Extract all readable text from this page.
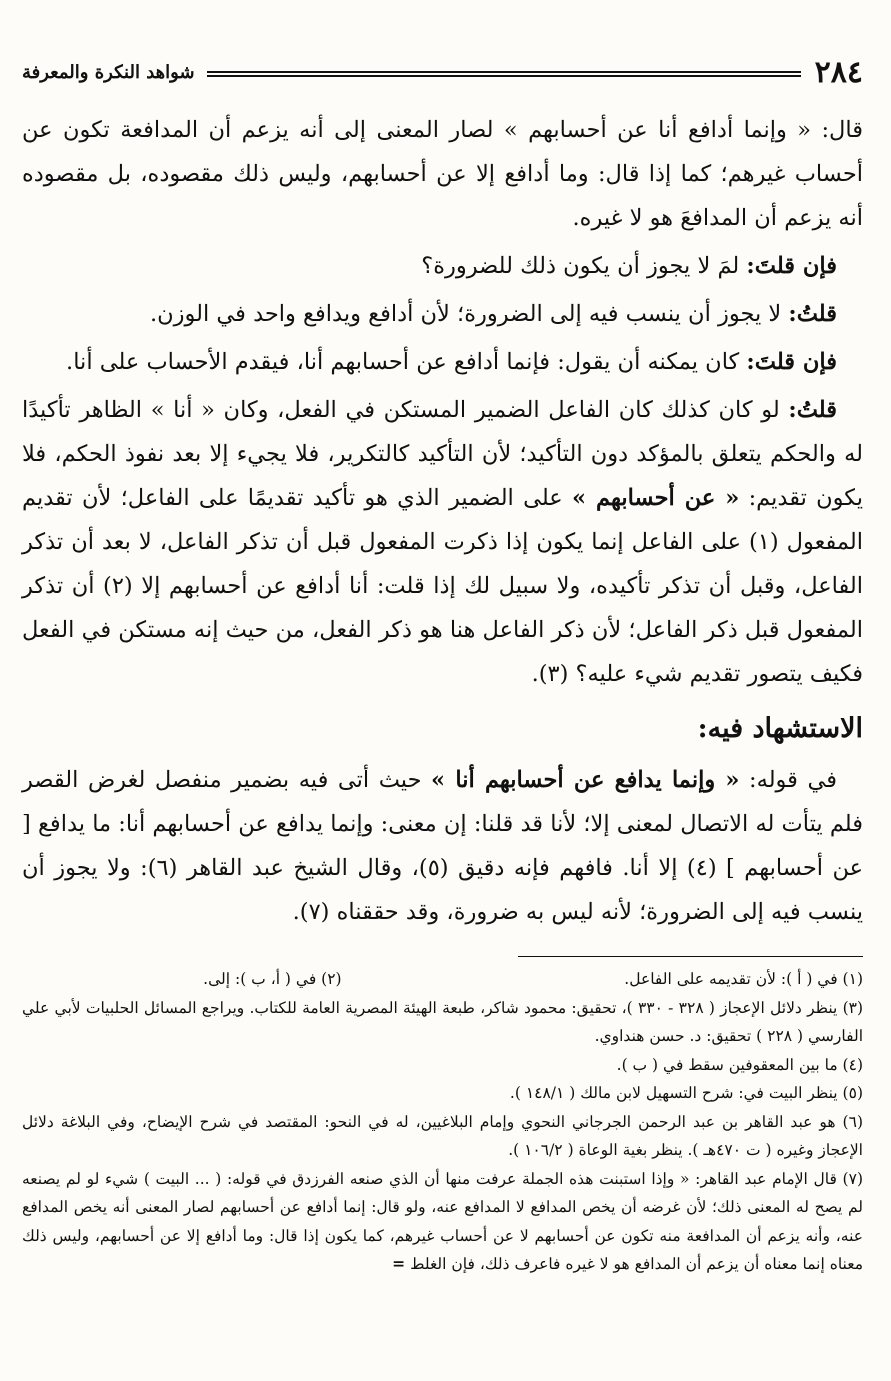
٢٨٤
شواهد النكرة والمعرفة

قال: « وإنما أدافع أنا عن أحسابهم » لصار المعنى إلى أنه يزعم أن المدافعة تكون عن أحساب غيرهم؛ كما إذا قال: وما أدافع إلا عن أحسابهم، وليس ذلك مقصوده، بل مقصوده أنه يزعم أن المدافعَ هو لا غيره.

فإن قلتَ: لمَ لا يجوز أن يكون ذلك للضرورة؟

قلتُ: لا يجوز أن ينسب فيه إلى الضرورة؛ لأن أدافع ويدافع واحد في الوزن.

فإن قلتَ: كان يمكنه أن يقول: فإنما أدافع عن أحسابهم أنا، فيقدم الأحساب على أنا.

قلتُ: لو كان كذلك كان الفاعل الضمير المستكن في الفعل، وكان « أنا » الظاهر تأكيدًا له والحكم يتعلق بالمؤكد دون التأكيد؛ لأن التأكيد كالتكرير، فلا يجيء إلا بعد نفوذ الحكم، فلا يكون تقديم: « عن أحسابهم » على الضمير الذي هو تأكيد تقديمًا على الفاعل؛ لأن تقديم المفعول (١) على الفاعل إنما يكون إذا ذكرت المفعول قبل أن تذكر الفاعل، لا بعد أن تذكر الفاعل، وقبل أن تذكر تأكيده، ولا سبيل لك إذا قلت: أنا أدافع عن أحسابهم إلا (٢) أن تذكر المفعول قبل ذكر الفاعل؛ لأن ذكر الفاعل هنا هو ذكر الفعل، من حيث إنه مستكن في الفعل فكيف يتصور تقديم شيء عليه؟ (٣).

الاستشهاد فيه:

في قوله: « وإنما يدافع عن أحسابهم أنا » حيث أتى فيه بضمير منفصل لغرض القصر فلم يتأت له الاتصال لمعنى إلا؛ لأنا قد قلنا: إن معنى: وإنما يدافع عن أحسابهم أنا: ما يدافع [ عن أحسابهم ] (٤) إلا أنا. فافهم فإنه دقيق (٥)، وقال الشيخ عبد القاهر (٦): ولا يجوز أن ينسب فيه إلى الضرورة؛ لأنه ليس به ضرورة، وقد حققناه (٧).

(١) في ( أ ): لأن تقديمه على الفاعل.

(٢) في ( أ، ب ): إلى.

(٣) ينظر دلائل الإعجاز ( ٣٢٨ - ٣٣٠ )، تحقيق: محمود شاكر، طبعة الهيئة المصرية العامة للكتاب. ويراجع المسائل الحلبيات لأبي علي الفارسي ( ٢٢٨ ) تحقيق: د. حسن هنداوي.

(٤) ما بين المعقوفين سقط في ( ب ).

(٥) ينظر البيت في: شرح التسهيل لابن مالك ( ١٤٨/١ ).

(٦) هو عبد القاهر بن عبد الرحمن الجرجاني النحوي وإمام البلاغيين، له في النحو: المقتصد في شرح الإيضاح، وفي البلاغة دلائل الإعجاز وغيره ( ت ٤٧٠هـ ). ينظر بغية الوعاة ( ١٠٦/٢ ).

(٧) قال الإمام عبد القاهر: « وإذا استبنت هذه الجملة عرفت منها أن الذي صنعه الفرزدق في قوله: ( ... البيت ) شيء لو لم يصنعه لم يصح له المعنى ذلك؛ لأن غرضه أن يخص المدافع لا المدافع عنه، ولو قال: إنما أدافع عن أحسابهم لصار المعنى أنه يخص المدافع عنه، وأنه يزعم أن المدافعة منه تكون عن أحسابهم لا عن أحساب غيرهم، كما يكون إذا قال: وما أدافع إلا عن أحسابهم، وليس ذلك معناه إنما معناه أن يزعم أن المدافع هو لا غيره فاعرف ذلك، فإن الغلط =
